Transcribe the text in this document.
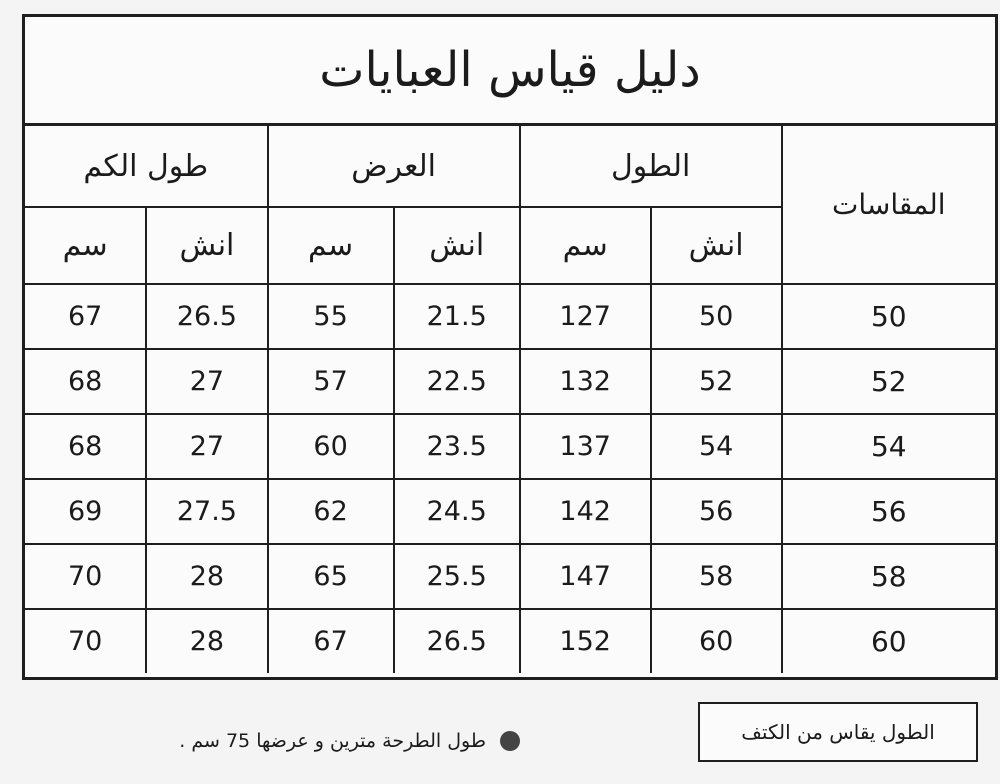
دليل قياس العبايات
المقاسات	الطول		العرض		طول الكم	
	انش	سم	انش	سم	انش	سم
50	50	127	21.5	55	26.5	67
52	52	132	22.5	57	27	68
54	54	137	23.5	60	27	68
56	56	142	24.5	62	27.5	69
58	58	147	25.5	65	28	70
60	60	152	26.5	67	28	70
الطول يقاس من الكتف
طول الطرحة مترين و عرضها 75 سم .
